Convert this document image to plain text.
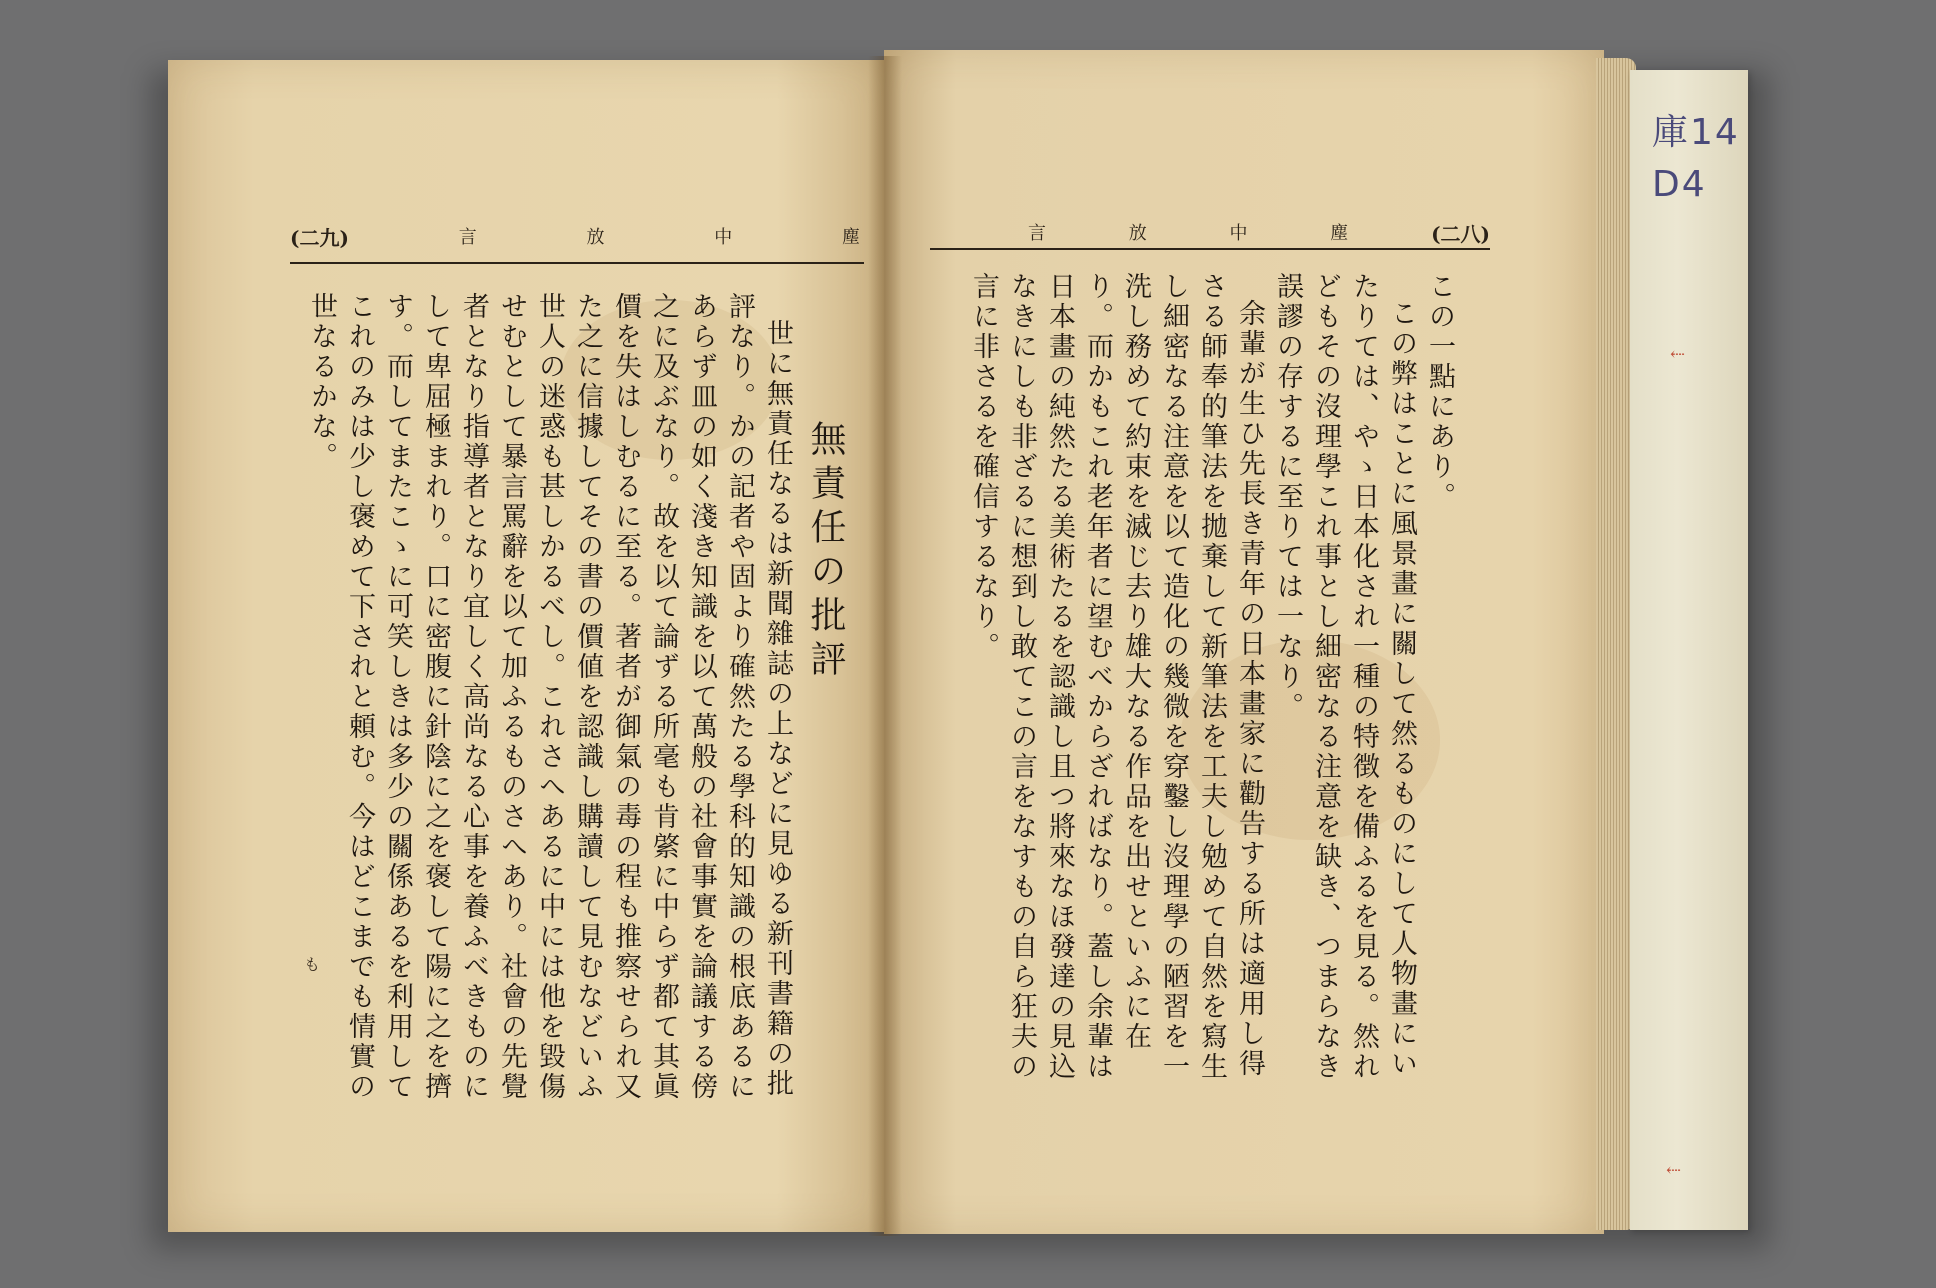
庫14
D4
⇠
⇠
(二九)	言	放	中	塵	言	放	中	塵	(二八)
無責任の批評

世に無責任なるは新聞雜誌の上などに見ゆる新刊書籍の批評なり。かの記者や固より確然たる學科的知識の根底あるにあらず皿の如く淺き知識を以て萬般の社會事實を論議する傍之に及ぶなり。故を以て論ずる所毫も肯綮に中らず都て其眞價を失はしむるに至る。著者が御氣の毒の程も推察せられ又た之に信據してその書の價値を認識し購讀して見むなどいふ世人の迷惑も甚しかるべし。これさへあるに中には他を毀傷せむとして暴言罵辭を以て加ふるものさへあり。社會の先覺者となり指導者となり宜しく高尚なる心事を養ふべきものにして卑屈極まれり。口に密腹に針陰に之を褒して陽に之を擠す。而してまたこゝに可笑しきは多少の關係あるを利用してこれのみは少し褒めて下されと頼む。今はどこまでも情實の世なるかな。

も

この一點にあり。

この弊はことに風景畫に關して然るものにして人物畫にいたりては、やゝ日本化され一種の特徴を備ふるを見る。然れどもその沒理學これ事とし細密なる注意を缺き、つまらなき誤謬の存するに至りては一なり。

余輩が生ひ先長き青年の日本畫家に勸告する所は適用し得さる師奉的筆法を拋棄して新筆法を工夫し勉めて自然を寫生し細密なる注意を以て造化の幾微を穿鑿し沒理學の陋習を一洗し務めて約束を滅じ去り雄大なる作品を出せといふに在り。而かもこれ老年者に望むべからざればなり。蓋し余輩は日本畫の純然たる美術たるを認識し且つ將來なほ發達の見込なきにしも非ざるに想到し敢てこの言をなすもの自ら狂夫の言に非さるを確信するなり。
